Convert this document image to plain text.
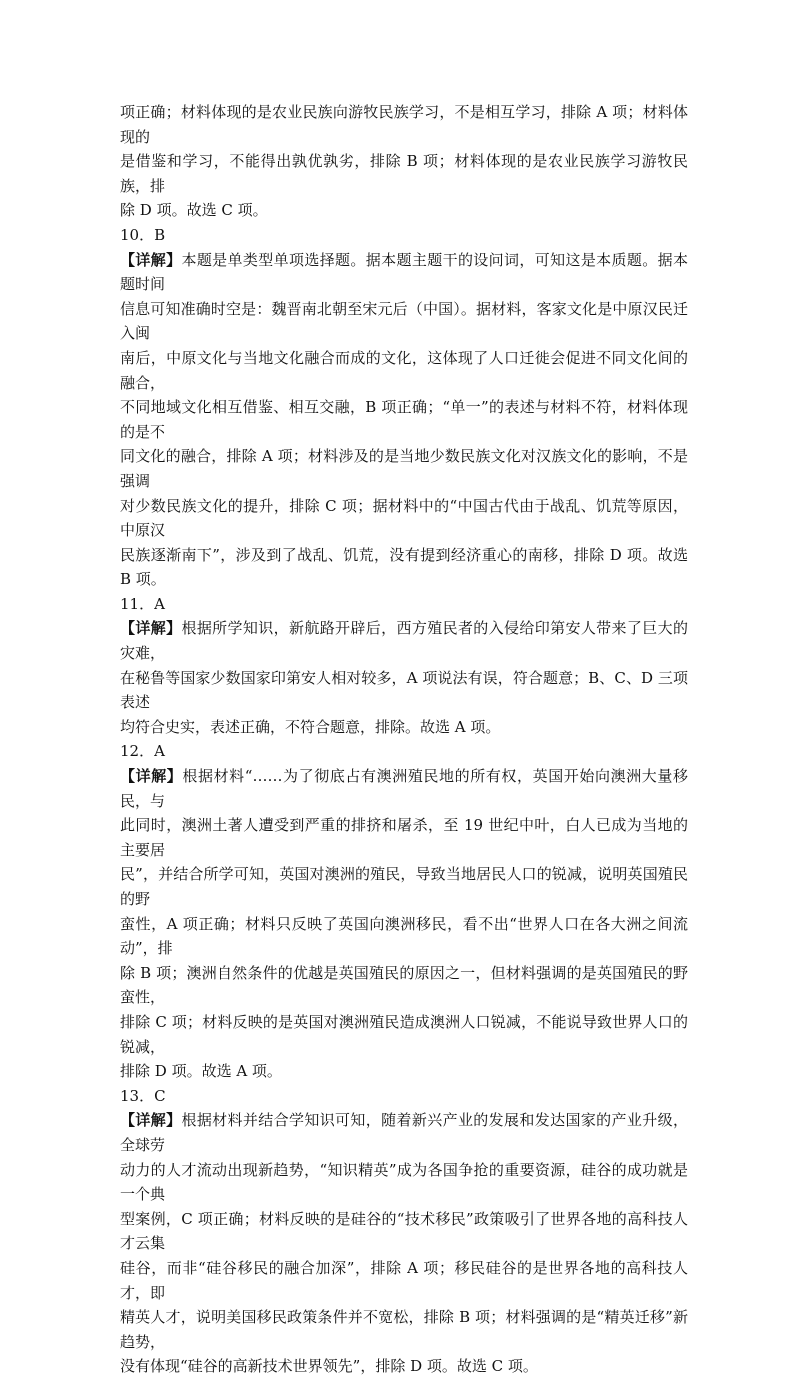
项正确；材料体现的是农业民族向游牧民族学习，不是相互学习，排除 A 项；材料体现的
是借鉴和学习，不能得出孰优孰劣，排除 B 项；材料体现的是农业民族学习游牧民族，排
除 D 项。故选 C 项。

10．B

【详解】本题是单类型单项选择题。据本题主题干的设问词，可知这是本质题。据本题时间
信息可知准确时空是：魏晋南北朝至宋元后（中国）。据材料，客家文化是中原汉民迁入闽
南后，中原文化与当地文化融合而成的文化，这体现了人口迁徙会促进不同文化间的融合，
不同地域文化相互借鉴、相互交融，B 项正确；“单一”的表述与材料不符，材料体现的是不
同文化的融合，排除 A 项；材料涉及的是当地少数民族文化对汉族文化的影响，不是强调
对少数民族文化的提升，排除 C 项；据材料中的“中国古代由于战乱、饥荒等原因，中原汉
民族逐渐南下”，涉及到了战乱、饥荒，没有提到经济重心的南移，排除 D 项。故选 B 项。

11．A

【详解】根据所学知识，新航路开辟后，西方殖民者的入侵给印第安人带来了巨大的灾难，
在秘鲁等国家少数国家印第安人相对较多，A 项说法有误，符合题意；B、C、D 三项表述
均符合史实，表述正确，不符合题意，排除。故选 A 项。

12．A

【详解】根据材料“……为了彻底占有澳洲殖民地的所有权，英国开始向澳洲大量移民，与
此同时，澳洲土著人遭受到严重的排挤和屠杀，至 19 世纪中叶，白人已成为当地的主要居
民”，并结合所学可知，英国对澳洲的殖民，导致当地居民人口的锐减，说明英国殖民的野
蛮性，A 项正确；材料只反映了英国向澳洲移民，看不出“世界人口在各大洲之间流动”，排
除 B 项；澳洲自然条件的优越是英国殖民的原因之一，但材料强调的是英国殖民的野蛮性，
排除 C 项；材料反映的是英国对澳洲殖民造成澳洲人口锐减，不能说导致世界人口的锐减，
排除 D 项。故选 A 项。

13．C

【详解】根据材料并结合学知识可知，随着新兴产业的发展和发达国家的产业升级，全球劳
动力的人才流动出现新趋势，“知识精英”成为各国争抢的重要资源，硅谷的成功就是一个典
型案例，C 项正确；材料反映的是硅谷的“技术移民”政策吸引了世界各地的高科技人才云集
硅谷，而非“硅谷移民的融合加深”，排除 A 项；移民硅谷的是世界各地的高科技人才，即
精英人才，说明美国移民政策条件并不宽松，排除 B 项；材料强调的是“精英迁移”新趋势，
没有体现“硅谷的高新技术世界领先”，排除 D 项。故选 C 项。
